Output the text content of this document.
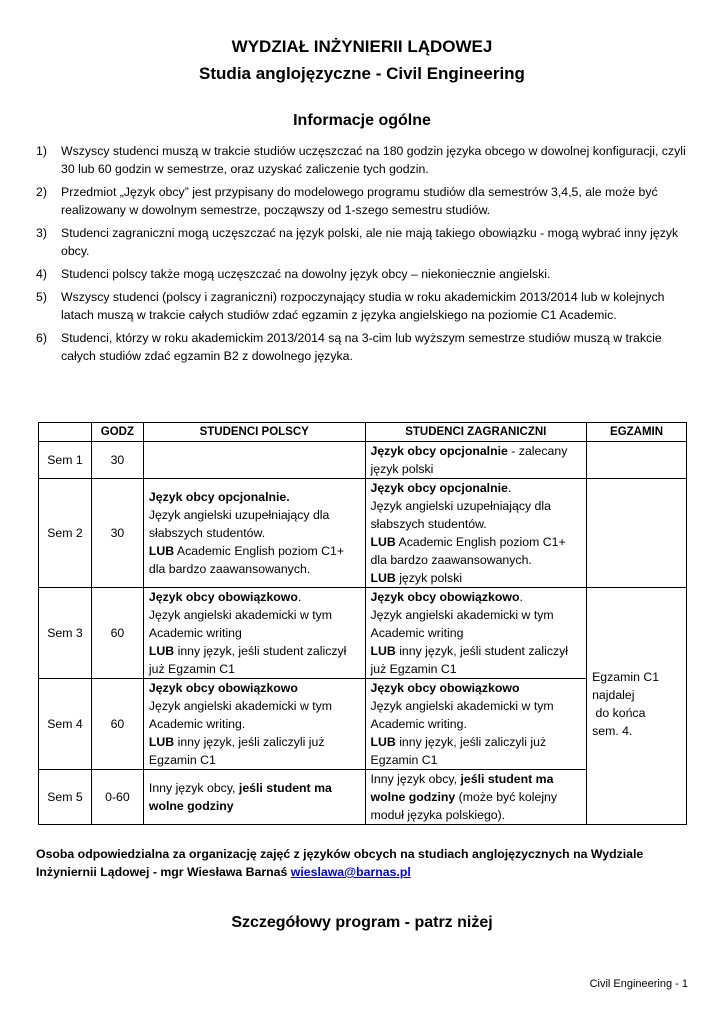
WYDZIAŁ INŻYNIERII LĄDOWEJ
Studia anglojęzyczne - Civil Engineering
Informacje ogólne
1) Wszyscy studenci muszą w trakcie studiów uczęszczać na 180 godzin języka obcego w dowolnej konfiguracji, czyli 30 lub 60 godzin w semestrze, oraz uzyskać zaliczenie tych godzin.
2) Przedmiot „Język obcy” jest przypisany do modelowego programu studiów dla semestrów 3,4,5, ale może być realizowany w dowolnym semestrze, począwszy od 1-szego semestru studiów.
3) Studenci zagraniczni mogą uczęszczać na język polski, ale nie mają takiego obowiązku - mogą wybrać inny język obcy.
4) Studenci polscy także mogą uczęszczać na dowolny język obcy – niekoniecznie angielski.
5) Wszyscy studenci (polscy i zagraniczni) rozpoczynający studia w roku akademickim 2013/2014 lub w kolejnych latach muszą w trakcie całych studiów zdać egzamin z języka angielskiego na poziomie C1 Academic.
6) Studenci, którzy w roku akademickim 2013/2014 są na 3-cim lub wyższym semestrze studiów muszą w trakcie całych studiów zdać egzamin B2 z dowolnego języka.
	GODZ	STUDENCI POLSCY	STUDENCI ZAGRANICZNI	EGZAMIN
Sem 1	30		Język obcy opcjonalnie - zalecany język polski	
Sem 2	30	Język obcy opcjonalnie.
Język angielski uzupełniający dla słabszych studentów.
LUB Academic English poziom C1+ dla bardzo zaawansowanych.	Język obcy opcjonalnie.
Język angielski uzupełniający dla słabszych studentów.
LUB Academic English poziom C1+ dla bardzo zaawansowanych.
LUB język polski	
Sem 3	60	Język obcy obowiązkowo.
Język angielski akademicki w tym Academic writing
LUB inny język, jeśli student zaliczył już Egzamin C1	Język obcy obowiązkowo.
Język angielski akademicki w tym Academic writing
LUB inny język, jeśli student zaliczył już Egzamin C1	Egzamin C1
najdalej
do końca
sem. 4.
Sem 4	60	Język obcy obowiązkowo
Język angielski akademicki w tym Academic writing.
LUB inny język, jeśli zaliczyli już Egzamin C1	Język obcy obowiązkowo
Język angielski akademicki w tym Academic writing.
LUB inny język, jeśli zaliczyli już Egzamin C1	
Sem 5	0-60	Inny język obcy, jeśli student ma wolne godziny	Inny język obcy, jeśli student ma wolne godziny (może być kolejny moduł języka polskiego).	
Osoba odpowiedzialna za organizację zajęć z języków obcych na studiach anglojęzycznych na Wydziale Inżyniernii Lądowej - mgr Wiesława Barnaś wieslawa@barnas.pl
Szczegółowy program - patrz niżej
Civil Engineering - 1
